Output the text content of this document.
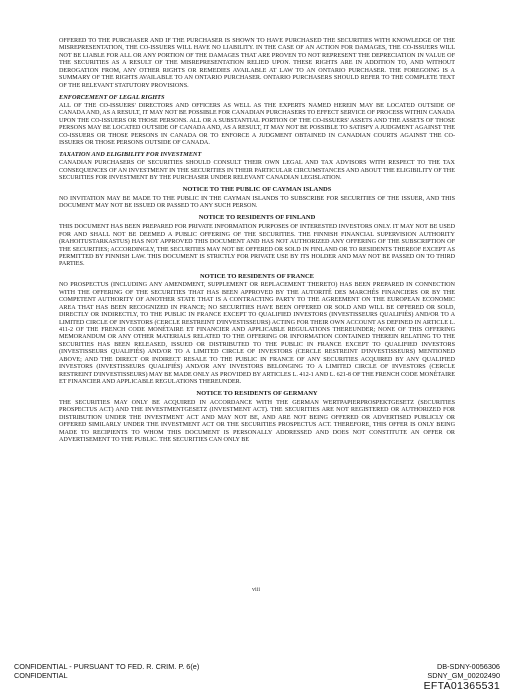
OFFERED TO THE PURCHASER AND IF THE PURCHASER IS SHOWN TO HAVE PURCHASED THE SECURITIES WITH KNOWLEDGE OF THE MISREPRESENTATION, THE CO-ISSUERS WILL HAVE NO LIABILITY. IN THE CASE OF AN ACTION FOR DAMAGES, THE CO-ISSUERS WILL NOT BE LIABLE FOR ALL OR ANY PORTION OF THE DAMAGES THAT ARE PROVEN TO NOT REPRESENT THE DEPRECIATION IN VALUE OF THE SECURITIES AS A RESULT OF THE MISREPRESENTATION RELIED UPON. THESE RIGHTS ARE IN ADDITION TO, AND WITHOUT DEROGATION FROM, ANY OTHER RIGHTS OR REMEDIES AVAILABLE AT LAW TO AN ONTARIO PURCHASER. THE FOREGOING IS A SUMMARY OF THE RIGHTS AVAILABLE TO AN ONTARIO PURCHASER. ONTARIO PURCHASERS SHOULD REFER TO THE COMPLETE TEXT OF THE RELEVANT STATUTORY PROVISIONS.

ENFORCEMENT OF LEGAL RIGHTS

ALL OF THE CO-ISSUERS' DIRECTORS AND OFFICERS AS WELL AS THE EXPERTS NAMED HEREIN MAY BE LOCATED OUTSIDE OF CANADA AND, AS A RESULT, IT MAY NOT BE POSSIBLE FOR CANADIAN PURCHASERS TO EFFECT SERVICE OF PROCESS WITHIN CANADA UPON THE CO-ISSUERS OR THOSE PERSONS. ALL OR A SUBSTANTIAL PORTION OF THE CO-ISSUERS' ASSETS AND THE ASSETS OF THOSE PERSONS MAY BE LOCATED OUTSIDE OF CANADA AND, AS A RESULT, IT MAY NOT BE POSSIBLE TO SATISFY A JUDGMENT AGAINST THE CO-ISSUERS OR THOSE PERSONS IN CANADA OR TO ENFORCE A JUDGMENT OBTAINED IN CANADIAN COURTS AGAINST THE CO-ISSUERS OR THOSE PERSONS OUTSIDE OF CANADA.

TAXATION AND ELIGIBILITY FOR INVESTMENT

CANADIAN PURCHASERS OF SECURITIES SHOULD CONSULT THEIR OWN LEGAL AND TAX ADVISORS WITH RESPECT TO THE TAX CONSEQUENCES OF AN INVESTMENT IN THE SECURITIES IN THEIR PARTICULAR CIRCUMSTANCES AND ABOUT THE ELIGIBILITY OF THE SECURITIES FOR INVESTMENT BY THE PURCHASER UNDER RELEVANT CANADIAN LEGISLATION.

NOTICE TO THE PUBLIC OF CAYMAN ISLANDS

NO INVITATION MAY BE MADE TO THE PUBLIC IN THE CAYMAN ISLANDS TO SUBSCRIBE FOR SECURITIES OF THE ISSUER, AND THIS DOCUMENT MAY NOT BE ISSUED OR PASSED TO ANY SUCH PERSON.

NOTICE TO RESIDENTS OF FINLAND

THIS DOCUMENT HAS BEEN PREPARED FOR PRIVATE INFORMATION PURPOSES OF INTERESTED INVESTORS ONLY. IT MAY NOT BE USED FOR AND SHALL NOT BE DEEMED A PUBLIC OFFERING OF THE SECURITIES. THE FINNISH FINANCIAL SUPERVISION AUTHORITY (RAHOITUSTARKASTUS) HAS NOT APPROVED THIS DOCUMENT AND HAS NOT AUTHORIZED ANY OFFERING OF THE SUBSCRIPTION OF THE SECURITIES; ACCORDINGLY, THE SECURITIES MAY NOT BE OFFERED OR SOLD IN FINLAND OR TO RESIDENTS THEREOF EXCEPT AS PERMITTED BY FINNISH LAW. THIS DOCUMENT IS STRICTLY FOR PRIVATE USE BY ITS HOLDER AND MAY NOT BE PASSED ON TO THIRD PARTIES.

NOTICE TO RESIDENTS OF FRANCE

NO PROSPECTUS (INCLUDING ANY AMENDMENT, SUPPLEMENT OR REPLACEMENT THERETO) HAS BEEN PREPARED IN CONNECTION WITH THE OFFERING OF THE SECURITIES THAT HAS BEEN APPROVED BY THE AUTORITÉ DES MARCHÉS FINANCIERS OR BY THE COMPETENT AUTHORITY OF ANOTHER STATE THAT IS A CONTRACTING PARTY TO THE AGREEMENT ON THE EUROPEAN ECONOMIC AREA THAT HAS BEEN RECOGNIZED IN FRANCE; NO SECURITIES HAVE BEEN OFFERED OR SOLD AND WILL BE OFFERED OR SOLD, DIRECTLY OR INDIRECTLY, TO THE PUBLIC IN FRANCE EXCEPT TO QUALIFIED INVESTORS (INVESTISSEURS QUALIFIÉS) AND/OR TO A LIMITED CIRCLE OF INVESTORS (CERCLE RESTREINT D'INVESTISSEURS) ACTING FOR THEIR OWN ACCOUNT AS DEFINED IN ARTICLE L. 411-2 OF THE FRENCH CODE MONÉTAIRE ET FINANCIER AND APPLICABLE REGULATIONS THEREUNDER; NONE OF THIS OFFERING MEMORANDUM OR ANY OTHER MATERIALS RELATED TO THE OFFERING OR INFORMATION CONTAINED THEREIN RELATING TO THE SECURITIES HAS BEEN RELEASED, ISSUED OR DISTRIBUTED TO THE PUBLIC IN FRANCE EXCEPT TO QUALIFIED INVESTORS (INVESTISSEURS QUALIFIÉS) AND/OR TO A LIMITED CIRCLE OF INVESTORS (CERCLE RESTREINT D'INVESTISSEURS) MENTIONED ABOVE; AND THE DIRECT OR INDIRECT RESALE TO THE PUBLIC IN FRANCE OF ANY SECURITIES ACQUIRED BY ANY QUALIFIED INVESTORS (INVESTISSEURS QUALIFIÉS) AND/OR ANY INVESTORS BELONGING TO A LIMITED CIRCLE OF INVESTORS (CERCLE RESTREINT D'INVESTISSEURS) MAY BE MADE ONLY AS PROVIDED BY ARTICLES L. 412-1 AND L. 621-8 OF THE FRENCH CODE MONÉTAIRE ET FINANCIER AND APPLICABLE REGULATIONS THEREUNDER.

NOTICE TO RESIDENTS OF GERMANY

THE SECURITIES MAY ONLY BE ACQUIRED IN ACCORDANCE WITH THE GERMAN WERTPAPIERPROSPEKTGESETZ (SECURITIES PROSPECTUS ACT) AND THE INVESTMENTGESETZ (INVESTMENT ACT). THE SECURITIES ARE NOT REGISTERED OR AUTHORIZED FOR DISTRIBUTION UNDER THE INVESTMENT ACT AND MAY NOT BE, AND ARE NOT BEING OFFERED OR ADVERTISED PUBLICLY OR OFFERED SIMILARLY UNDER THE INVESTMENT ACT OR THE SECURITIES PROSPECTUS ACT. THEREFORE, THIS OFFER IS ONLY BEING MADE TO RECIPIENTS TO WHOM THIS DOCUMENT IS PERSONALLY ADDRESSED AND DOES NOT CONSTITUTE AN OFFER OR ADVERTISEMENT TO THE PUBLIC. THE SECURITIES CAN ONLY BE

viii
CONFIDENTIAL - PURSUANT TO FED. R. CRIM. P. 6(e)
CONFIDENTIAL
DB-SDNY-0056306
SDNY_GM_00202490
EFTA01365531
